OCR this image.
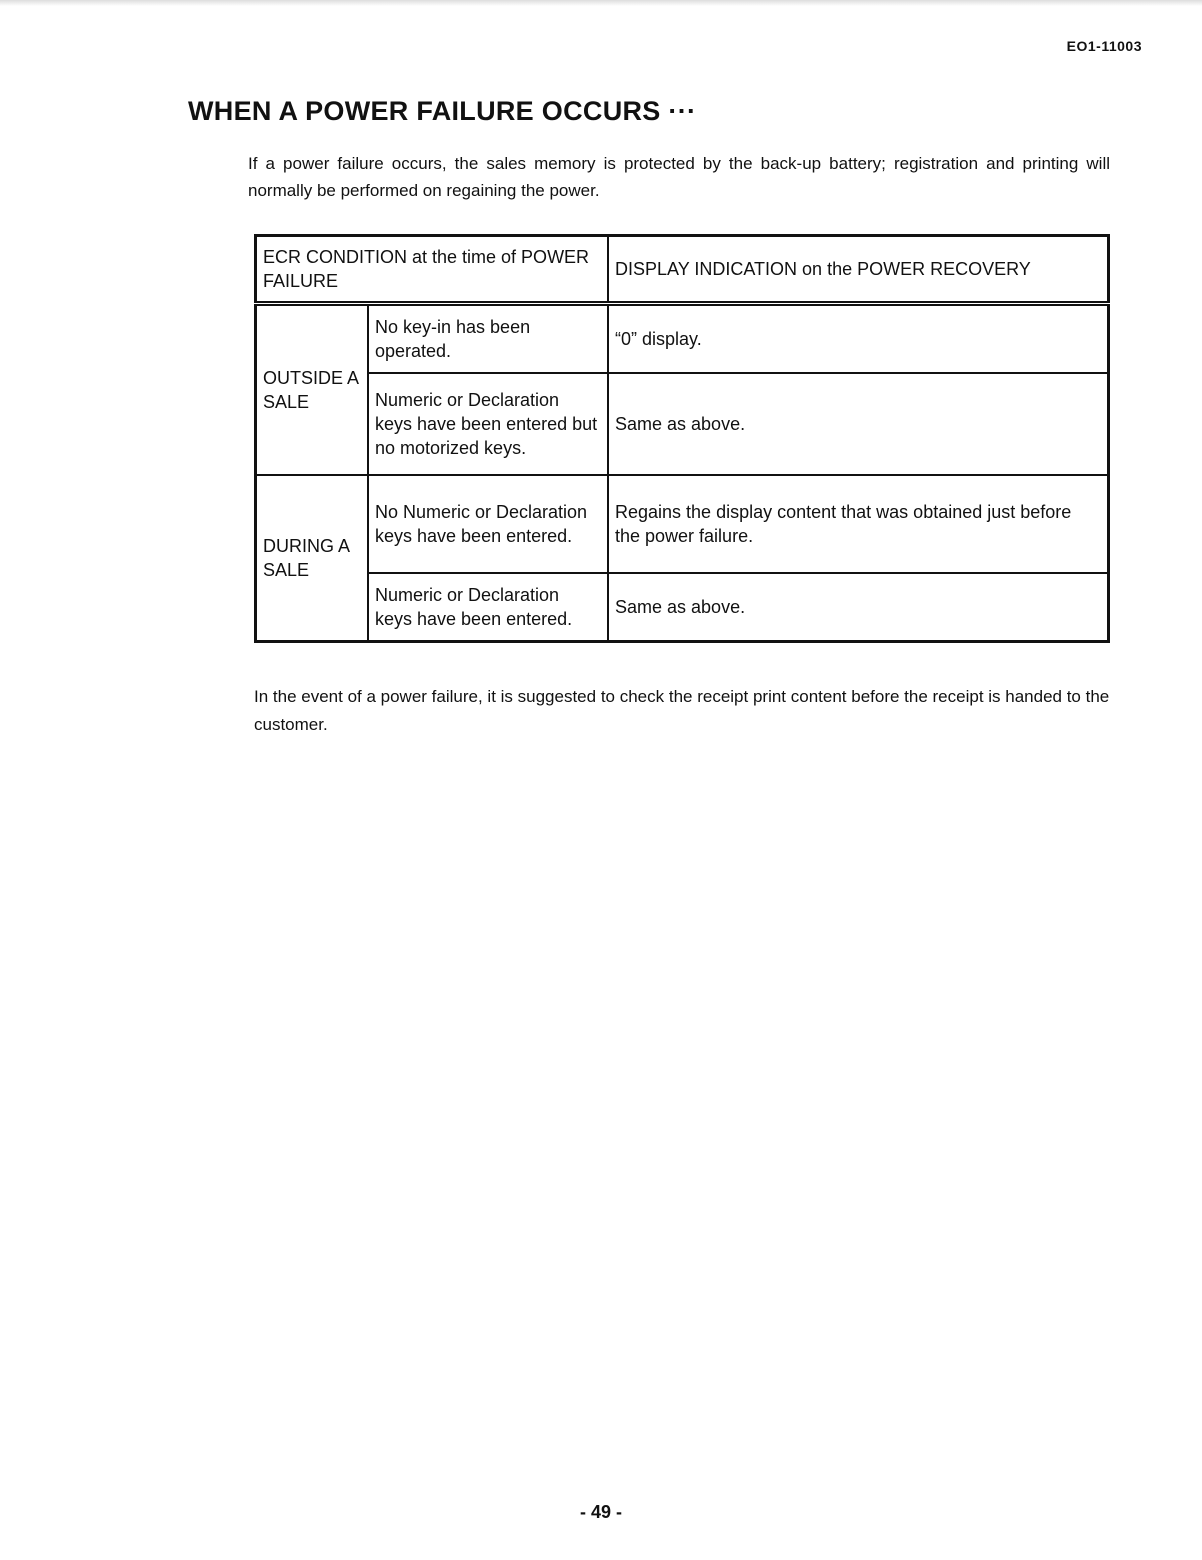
EO1-11003
WHEN A POWER FAILURE OCCURS ···

If a power failure occurs, the sales memory is protected by the back-up battery; registration and printing will normally be performed on regaining the power.

ECR CONDITION at the time of POWER FAILURE		DISPLAY INDICATION on the POWER RECOVERY
OUTSIDE A SALE	No key-in has been operated.	“0” display.
	Numeric or Declaration keys have been entered but no motorized keys.	Same as above.
DURING A SALE	No Numeric or Declaration keys have been entered.	Regains the display content that was obtained just before the power failure.
	Numeric or Declaration keys have been entered.	Same as above.

In the event of a power failure, it is suggested to check the receipt print content before the receipt is handed to the customer.

- 49 -
